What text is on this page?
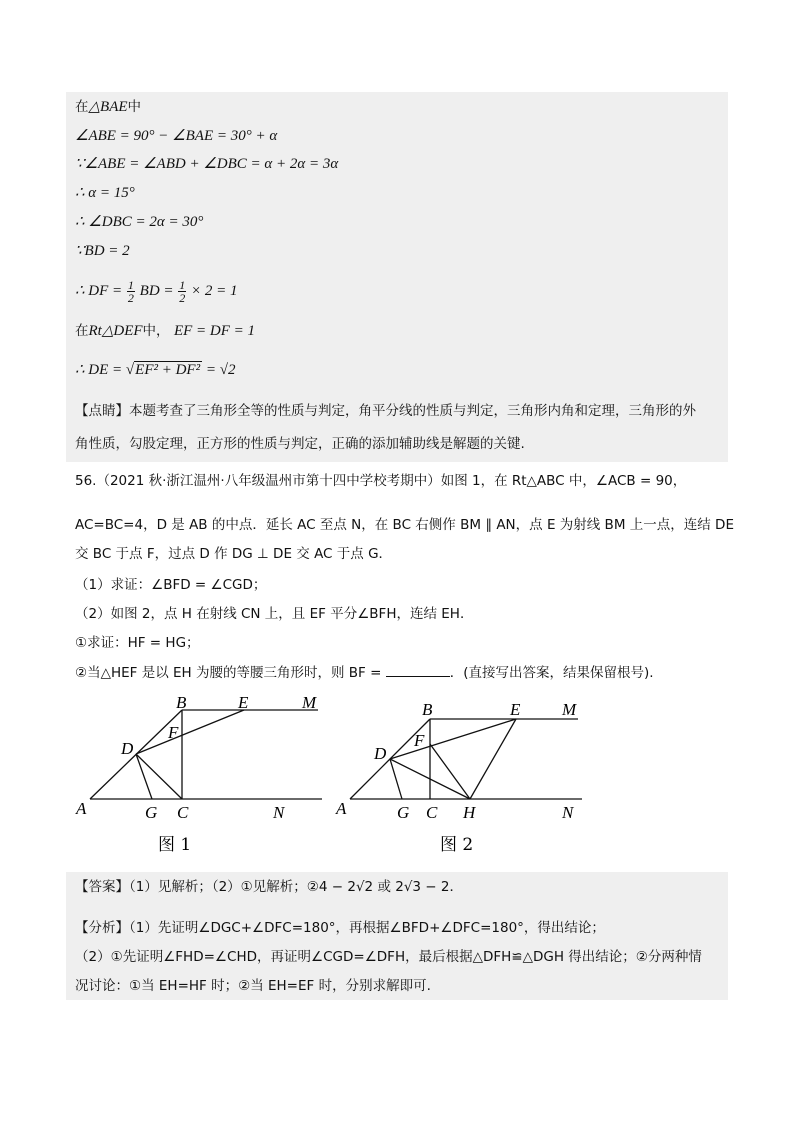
在△BAE中
∠ABE = 90° − ∠BAE = 30° + α
∵∠ABE = ∠ABD + ∠DBC = α + 2α = 3α
∴ α = 15°
∴ ∠DBC = 2α = 30°
∵BD = 2
∴ DF = $\frac{1}{2}$ BD = $\frac{1}{2} \times 2 = 1$
在Rt△DEF中， EF = DF = 1
∴ DE = √EF² + DF² = √2
【点睛】本题考查了三角形全等的性质与判定，角平分线的性质与判定，三角形内角和定理，三角形的外
角性质，勾股定理，正方形的性质与判定，正确的添加辅助线是解题的关键.
56.（2021 秋·浙江温州·八年级温州市第十四中学校考期中）如图 1，在 Rt△ABC 中，∠ACB = 90，
AC=BC=4，D 是 AB 的中点．延长 AC 至点 N，在 BC 右侧作 BM ∥ AN，点 E 为射线 BM 上一点，连结 DE
交 BC 于点 F，过点 D 作 DG ⊥ DE 交 AC 于点 G．
（1）求证：∠BFD = ∠CGD；
（2）如图 2，点 H 在射线 CN 上，且 EF 平分∠BFH，连结 EH．
①求证：HF = HG；
②当△HEF 是以 EH 为腰的等腰三角形时，则 BF =	．(直接写出答案，结果保留根号).
A
B
C
D
E
F
G
M
N
图 1
A
B
C
D
E
F
G	H
M
N
图 2
【答案】（1）见解析；（2）①见解析；②4 − 2√2 或 2√3 − 2．
【分析】（1）先证明∠DGC+∠DFC=180°，再根据∠BFD+∠DFC=180°，得出结论；
（2）①先证明∠FHD=∠CHD，再证明∠CGD=∠DFH，最后根据△DFH≌△DGH 得出结论；②分两种情
况讨论：①当 EH=HF 时；②当 EH=EF 时，分别求解即可.
